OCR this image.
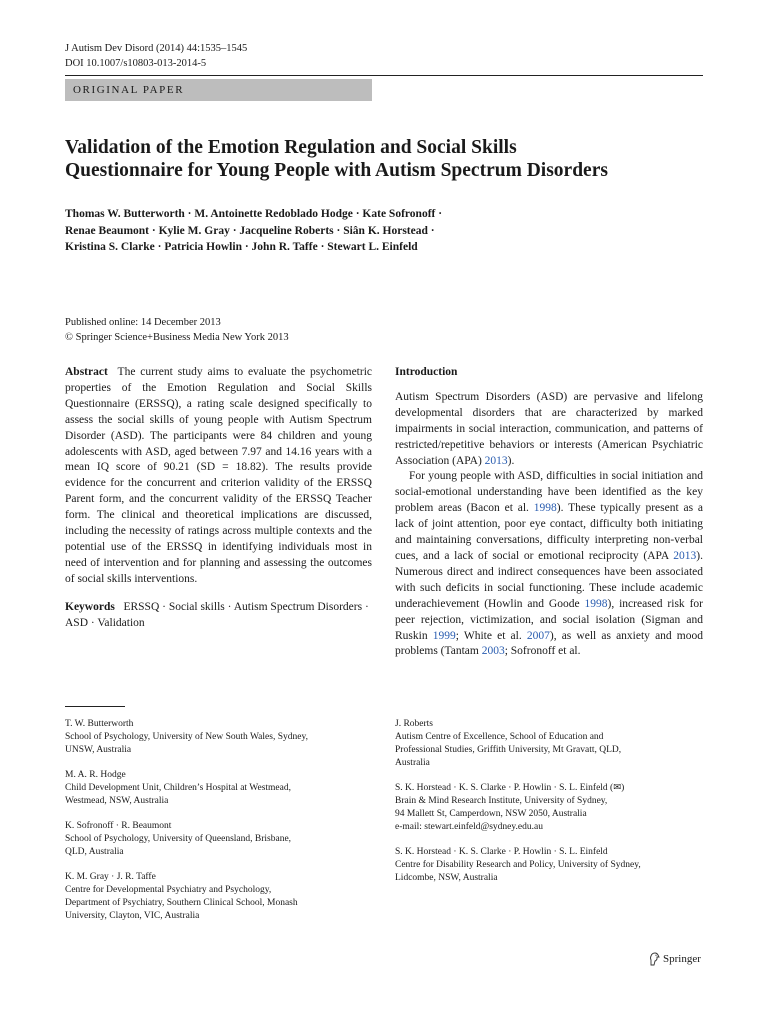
J Autism Dev Disord (2014) 44:1535–1545
DOI 10.1007/s10803-013-2014-5
ORIGINAL PAPER
Validation of the Emotion Regulation and Social Skills
Questionnaire for Young People with Autism Spectrum Disorders
Thomas W. Butterworth · M. Antoinette Redoblado Hodge · Kate Sofronoff ·
Renae Beaumont · Kylie M. Gray · Jacqueline Roberts · Siân K. Horstead ·
Kristina S. Clarke · Patricia Howlin · John R. Taffe · Stewart L. Einfeld
Published online: 14 December 2013
© Springer Science+Business Media New York 2013

Abstract The current study aims to evaluate the psychometric properties of the Emotion Regulation and Social Skills Questionnaire (ERSSQ), a rating scale designed specifically to assess the social skills of young people with Autism Spectrum Disorder (ASD). The participants were 84 children and young adolescents with ASD, aged between 7.97 and 14.16 years with a mean IQ score of 90.21 (SD = 18.82). The results provide evidence for the concurrent and criterion validity of the ERSSQ Parent form, and the concurrent validity of the ERSSQ Teacher form. The clinical and theoretical implications are discussed, including the necessity of ratings across multiple contexts and the potential use of the ERSSQ in identifying individuals most in need of intervention and for planning and assessing the outcomes of social skills interventions.

Keywords ERSSQ · Social skills · Autism Spectrum Disorders · ASD · Validation

Introduction

Autism Spectrum Disorders (ASD) are pervasive and lifelong developmental disorders that are characterized by marked impairments in social interaction, communication, and patterns of restricted/repetitive behaviors or interests (American Psychiatric Association (APA) 2013).

For young people with ASD, difficulties in social initiation and social-emotional understanding have been identified as the key problem areas (Bacon et al. 1998). These typically present as a lack of joint attention, poor eye contact, difficulty both initiating and maintaining conversations, difficulty interpreting non-verbal cues, and a lack of social or emotional reciprocity (APA 2013). Numerous direct and indirect consequences have been associated with such deficits in social functioning. These include academic underachievement (Howlin and Goode 1998), increased risk for peer rejection, victimization, and social isolation (Sigman and Ruskin 1999; White et al. 2007), as well as anxiety and mood problems (Tantam 2003; Sofronoff et al.

T. W. Butterworth
School of Psychology, University of New South Wales, Sydney,
UNSW, Australia
M. A. R. Hodge
Child Development Unit, Children’s Hospital at Westmead,
Westmead, NSW, Australia
K. Sofronoff · R. Beaumont
School of Psychology, University of Queensland, Brisbane,
QLD, Australia
K. M. Gray · J. R. Taffe
Centre for Developmental Psychiatry and Psychology,
Department of Psychiatry, Southern Clinical School, Monash
University, Clayton, VIC, Australia
J. Roberts
Autism Centre of Excellence, School of Education and
Professional Studies, Griffith University, Mt Gravatt, QLD,
Australia
S. K. Horstead · K. S. Clarke · P. Howlin · S. L. Einfeld (✉)
Brain & Mind Research Institute, University of Sydney,
94 Mallett St, Camperdown, NSW 2050, Australia
e-mail: stewart.einfeld@sydney.edu.au
S. K. Horstead · K. S. Clarke · P. Howlin · S. L. Einfeld
Centre for Disability Research and Policy, University of Sydney,
Lidcombe, NSW, Australia
Springer
